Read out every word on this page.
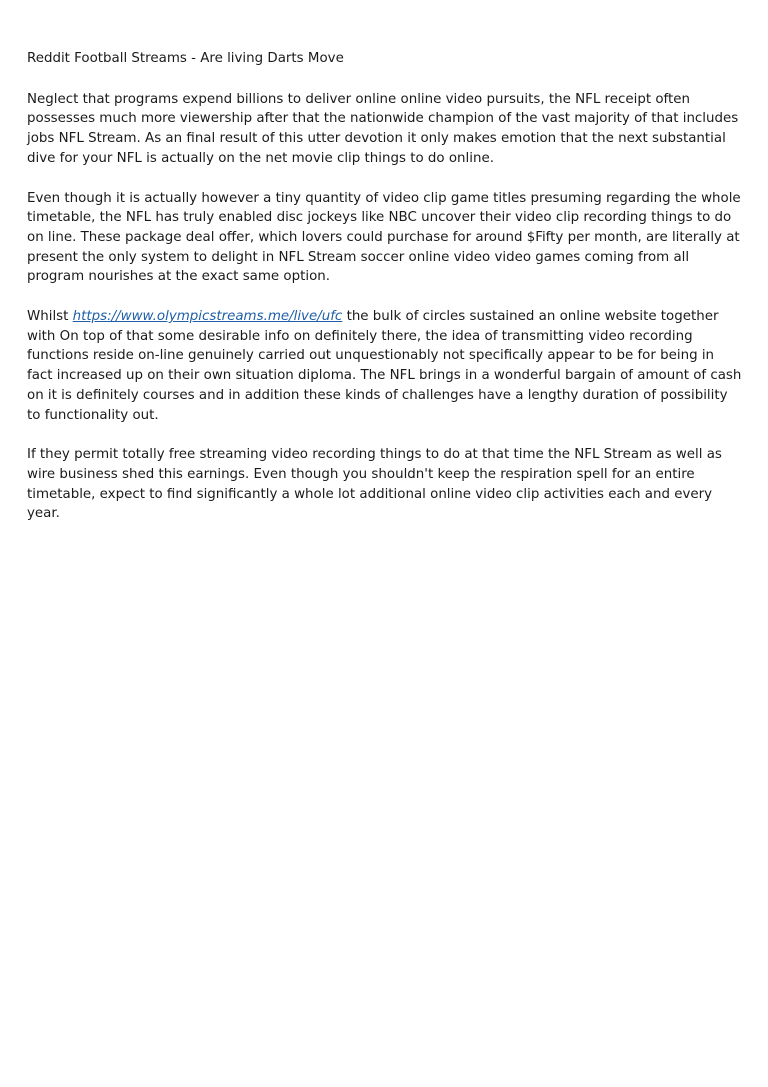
Reddit Football Streams - Are living Darts Move

Neglect that programs expend billions to deliver online online video pursuits, the NFL receipt often possesses much more viewership after that the nationwide champion of the vast majority of that includes jobs NFL Stream. As an final result of this utter devotion it only makes emotion that the next substantial dive for your NFL is actually on the net movie clip things to do online.

Even though it is actually however a tiny quantity of video clip game titles presuming regarding the whole timetable, the NFL has truly enabled disc jockeys like NBC uncover their video clip recording things to do on line. These package deal offer, which lovers could purchase for around $Fifty per month, are literally at present the only system to delight in NFL Stream soccer online video video games coming from all program nourishes at the exact same option.

Whilst https://www.olympicstreams.me/live/ufc the bulk of circles sustained an online website together with On top of that some desirable info on definitely there, the idea of transmitting video recording functions reside on-line genuinely carried out unquestionably not specifically appear to be for being in fact increased up on their own situation diploma. The NFL brings in a wonderful bargain of amount of cash on it is definitely courses and in addition these kinds of challenges have a lengthy duration of possibility to functionality out.

If they permit totally free streaming video recording things to do at that time the NFL Stream as well as wire business shed this earnings. Even though you shouldn't keep the respiration spell for an entire timetable, expect to find significantly a whole lot additional online video clip activities each and every year.
